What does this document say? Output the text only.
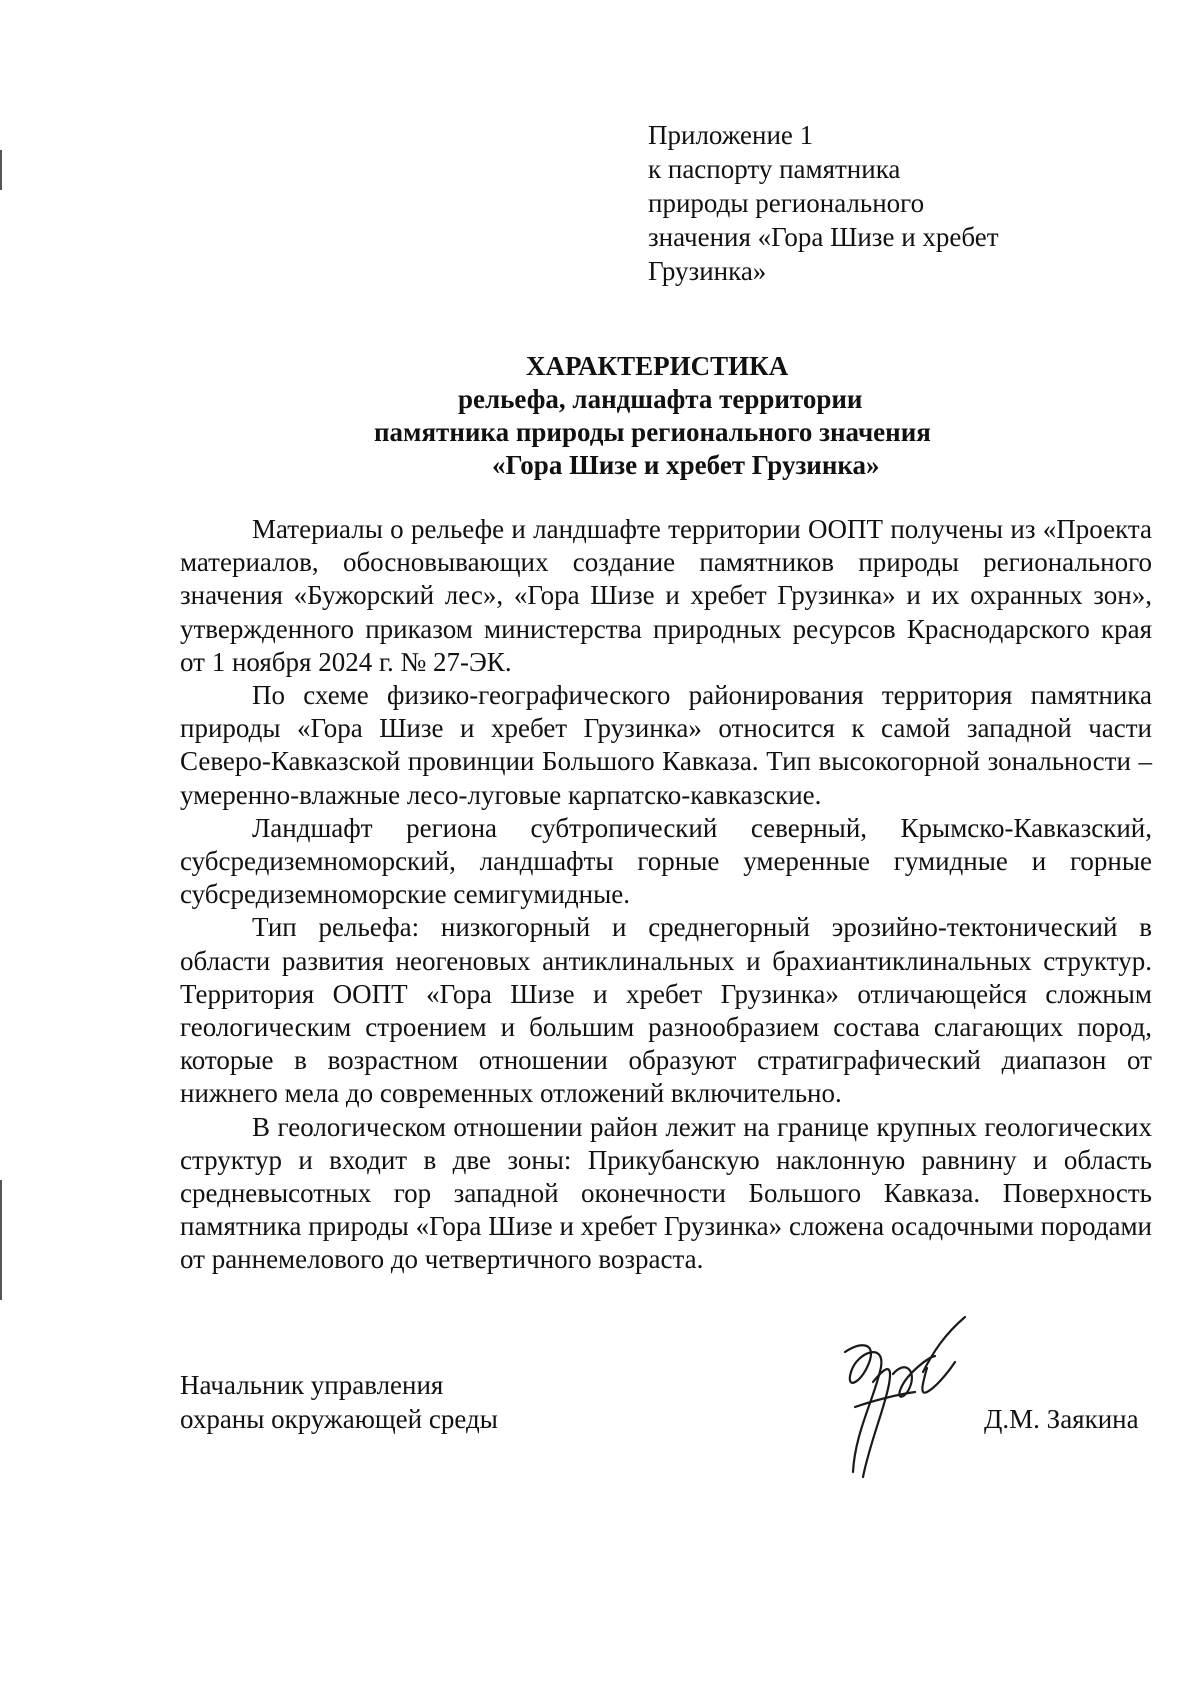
Приложение 1
к паспорту памятника
природы регионального
значения «Гора Шизе и хребет
Грузинка»
ХАРАКТЕРИСТИКА
рельефа, ландшафта территории
памятника природы регионального значения
«Гора Шизе и хребет Грузинка»

Материалы о рельефе и ландшафте территории ООПТ получены из «Проекта материалов, обосновывающих создание памятников природы регионального значения «Бужорский лес», «Гора Шизе и хребет Грузинка» и их охранных зон», утвержденного приказом министерства природных ресурсов Краснодарского края от 1 ноября 2024 г. № 27-ЭК.

По схеме физико-географического районирования территория памятника природы «Гора Шизе и хребет Грузинка» относится к самой западной части Северо-Кавказской провинции Большого Кавказа. Тип высокогорной зональности – умеренно-влажные лесо-луговые карпатско-кавказские.

Ландшафт региона субтропический северный, Крымско-Кавказский, субсредиземноморский, ландшафты горные умеренные гумидные и горные субсредиземноморские семигумидные.

Тип рельефа: низкогорный и среднегорный эрозийно-тектонический в области развития неогеновых антиклинальных и брахиантиклинальных структур. Территория ООПТ «Гора Шизе и хребет Грузинка» отличающейся сложным геологическим строением и большим разнообразием состава слагающих пород, которые в возрастном отношении образуют стратиграфический диапазон от нижнего мела до современных отложений включительно.

В геологическом отношении район лежит на границе крупных геологических структур и входит в две зоны: Прикубанскую наклонную равнину и область средневысотных гор западной оконечности Большого Кавказа. Поверхность памятника природы «Гора Шизе и хребет Грузинка» сложена осадочными породами от раннемелового до четвертичного возраста.

Начальник управления
охраны окружающей среды	Д.М. Заякина
